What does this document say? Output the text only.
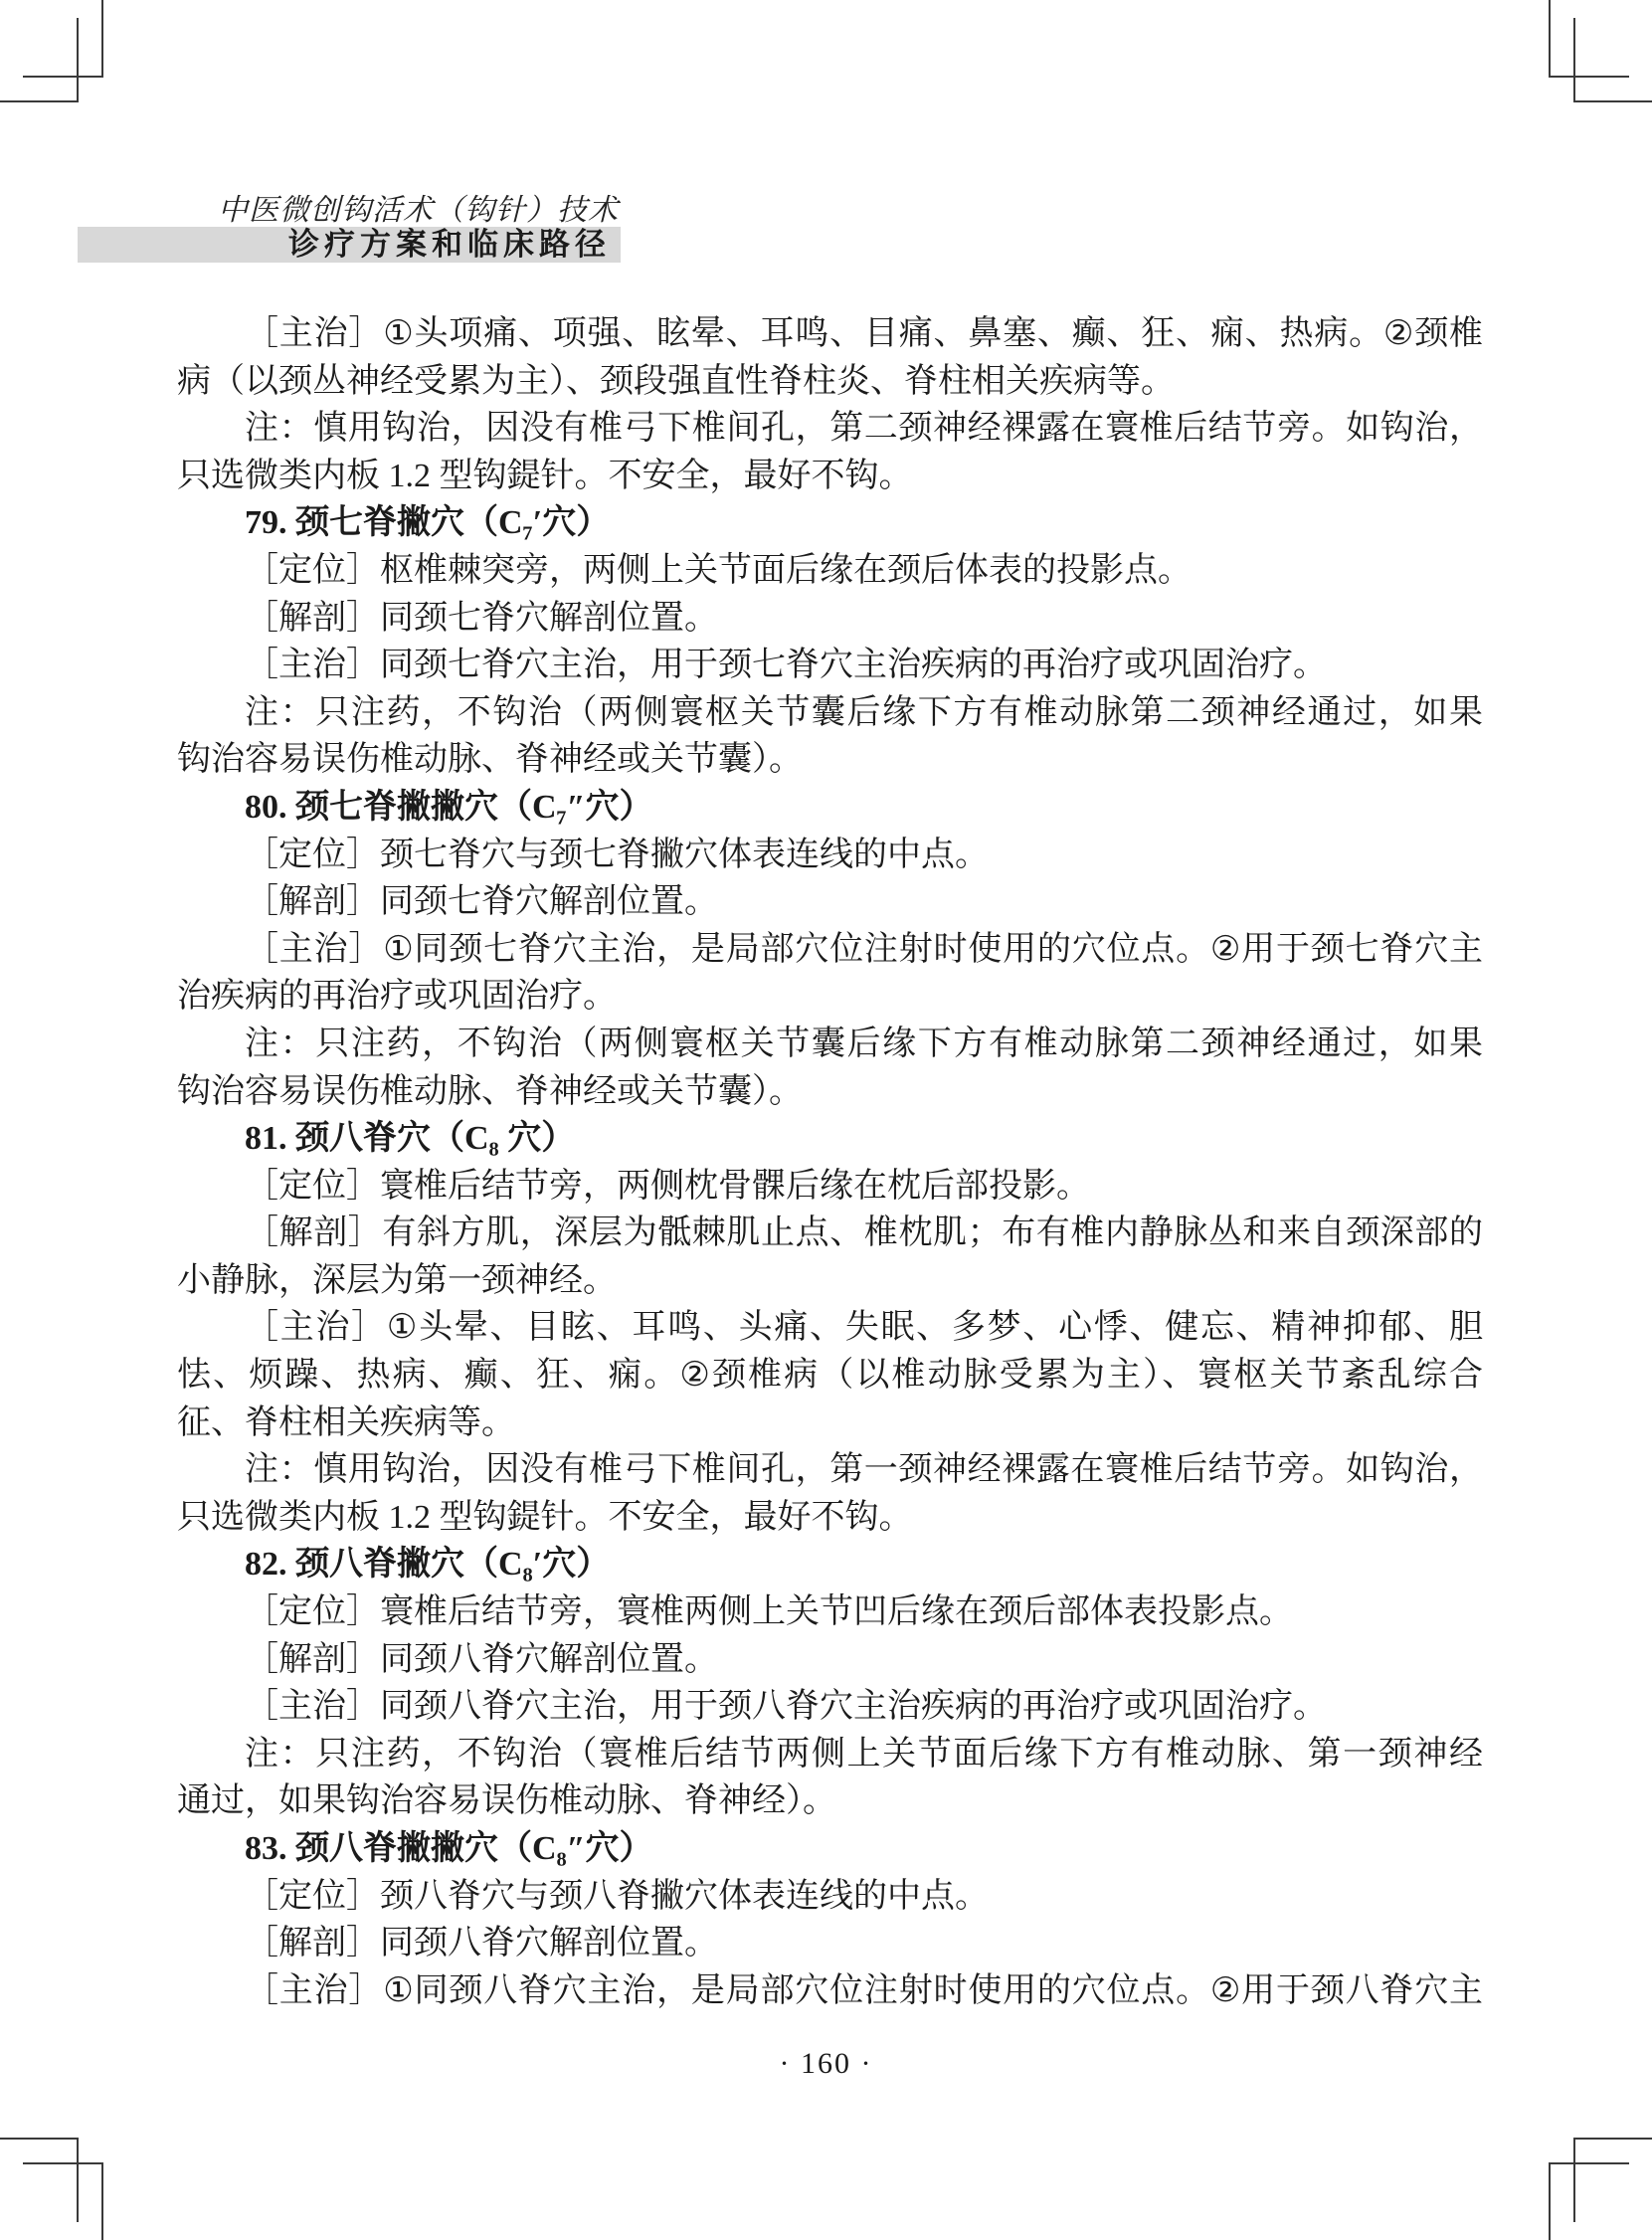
中医微创钩活术（钩针）技术
诊疗方案和临床路径
［主治］①头项痛、项强、眩晕、耳鸣、目痛、鼻塞、癫、狂、痫、热病。②颈椎
病（以颈丛神经受累为主）、颈段强直性脊柱炎、脊柱相关疾病等。
注：慎用钩治，因没有椎弓下椎间孔，第二颈神经裸露在寰椎后结节旁。如钩治，
只选微类内板 1.2 型钩鍉针。不安全，最好不钩。
79. 颈七脊撇穴（C₇′穴）
［定位］枢椎棘突旁，两侧上关节面后缘在颈后体表的投影点。
［解剖］同颈七脊穴解剖位置。
［主治］同颈七脊穴主治，用于颈七脊穴主治疾病的再治疗或巩固治疗。
注：只注药，不钩治（两侧寰枢关节囊后缘下方有椎动脉第二颈神经通过，如果
钩治容易误伤椎动脉、脊神经或关节囊）。
80. 颈七脊撇撇穴（C₇″穴）
［定位］颈七脊穴与颈七脊撇穴体表连线的中点。
［解剖］同颈七脊穴解剖位置。
［主治］①同颈七脊穴主治，是局部穴位注射时使用的穴位点。②用于颈七脊穴主
治疾病的再治疗或巩固治疗。
注：只注药，不钩治（两侧寰枢关节囊后缘下方有椎动脉第二颈神经通过，如果
钩治容易误伤椎动脉、脊神经或关节囊）。
81. 颈八脊穴（C₈ 穴）
［定位］寰椎后结节旁，两侧枕骨髁后缘在枕后部投影。
［解剖］有斜方肌，深层为骶棘肌止点、椎枕肌；布有椎内静脉丛和来自颈深部的
小静脉，深层为第一颈神经。
［主治］①头晕、目眩、耳鸣、头痛、失眠、多梦、心悸、健忘、精神抑郁、胆
怯、烦躁、热病、癫、狂、痫。②颈椎病（以椎动脉受累为主）、寰枢关节紊乱综合
征、脊柱相关疾病等。
注：慎用钩治，因没有椎弓下椎间孔，第一颈神经裸露在寰椎后结节旁。如钩治，
只选微类内板 1.2 型钩鍉针。不安全，最好不钩。
82. 颈八脊撇穴（C₈′穴）
［定位］寰椎后结节旁，寰椎两侧上关节凹后缘在颈后部体表投影点。
［解剖］同颈八脊穴解剖位置。
［主治］同颈八脊穴主治，用于颈八脊穴主治疾病的再治疗或巩固治疗。
注：只注药，不钩治（寰椎后结节两侧上关节面后缘下方有椎动脉、第一颈神经
通过，如果钩治容易误伤椎动脉、脊神经）。
83. 颈八脊撇撇穴（C₈″穴）
［定位］颈八脊穴与颈八脊撇穴体表连线的中点。
［解剖］同颈八脊穴解剖位置。
［主治］①同颈八脊穴主治，是局部穴位注射时使用的穴位点。②用于颈八脊穴主
· 160 ·
